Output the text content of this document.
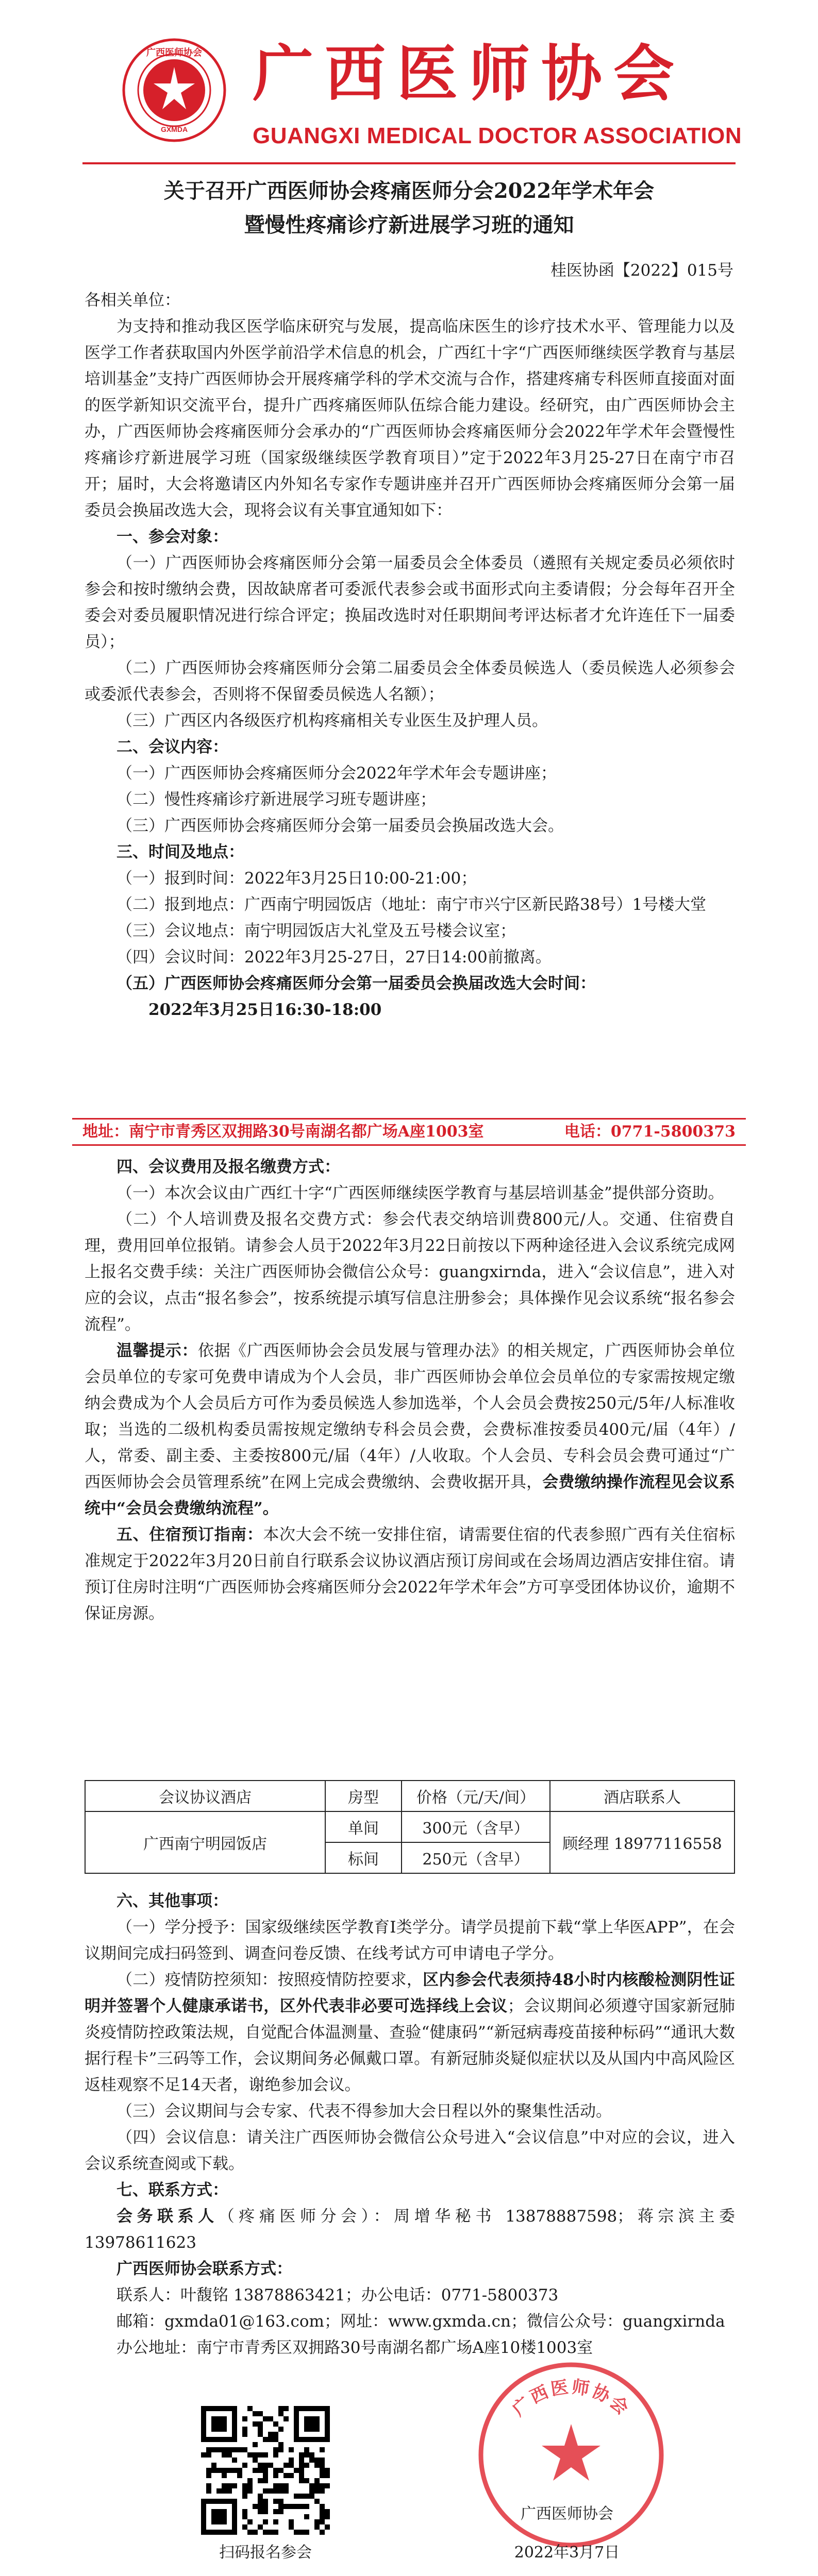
GXMDA
广西医师协会 广西医师协会
GUANGXI MEDICAL DOCTOR ASSOCIATION
关于召开广西医师协会疼痛医师分会2022年学术年会
暨慢性疼痛诊疗新进展学习班的通知
桂医协函【2022】015号

各相关单位：

为支持和推动我区医学临床研究与发展，提高临床医生的诊疗技术水平、管理能力以及医学工作者获取国内外医学前沿学术信息的机会，广西红十字“广西医师继续医学教育与基层培训基金”支持广西医师协会开展疼痛学科的学术交流与合作，搭建疼痛专科医师直接面对面的医学新知识交流平台，提升广西疼痛医师队伍综合能力建设。经研究，由广西医师协会主办，广西医师协会疼痛医师分会承办的“广西医师协会疼痛医师分会2022年学术年会暨慢性疼痛诊疗新进展学习班（国家级继续医学教育项目）”定于2022年3月25-27日在南宁市召开；届时，大会将邀请区内外知名专家作专题讲座并召开广西医师协会疼痛医师分会第一届委员会换届改选大会，现将会议有关事宜通知如下：

一、参会对象：

（一）广西医师协会疼痛医师分会第一届委员会全体委员（遴照有关规定委员必须依时参会和按时缴纳会费，因故缺席者可委派代表参会或书面形式向主委请假；分会每年召开全委会对委员履职情况进行综合评定；换届改选时对任职期间考评达标者才允许连任下一届委员）；

（二）广西医师协会疼痛医师分会第二届委员会全体委员候选人（委员候选人必须参会或委派代表参会，否则将不保留委员候选人名额）；

（三）广西区内各级医疗机构疼痛相关专业医生及护理人员。

二、会议内容：

（一）广西医师协会疼痛医师分会2022年学术年会专题讲座；

（二）慢性疼痛诊疗新进展学习班专题讲座；

（三）广西医师协会疼痛医师分会第一届委员会换届改选大会。

三、时间及地点：

（一）报到时间：2022年3月25日10:00-21:00；

（二）报到地点：广西南宁明园饭店（地址：南宁市兴宁区新民路38号）1号楼大堂

（三）会议地点：南宁明园饭店大礼堂及五号楼会议室；

（四）会议时间：2022年3月25-27日，27日14:00前撤离。

（五）广西医师协会疼痛医师分会第一届委员会换届改选大会时间：

2022年3月25日16:30-18:00

地址：南宁市青秀区双拥路30号南湖名都广场A座1003室	电话：0771-5800373

四、会议费用及报名缴费方式：

（一）本次会议由广西红十字“广西医师继续医学教育与基层培训基金”提供部分资助。

（二）个人培训费及报名交费方式：参会代表交纳培训费800元/人。交通、住宿费自理，费用回单位报销。请参会人员于2022年3月22日前按以下两种途径进入会议系统完成网上报名交费手续：关注广西医师协会微信公众号：guangxirnda，进入“会议信息”，进入对应的会议，点击“报名参会”，按系统提示填写信息注册参会；具体操作见会议系统“报名参会流程”。

温馨提示：依据《广西医师协会会员发展与管理办法》的相关规定，广西医师协会单位会员单位的专家可免费申请成为个人会员，非广西医师协会单位会员单位的专家需按规定缴纳会费成为个人会员后方可作为委员候选人参加选举，个人会员会费按250元/5年/人标准收取；当选的二级机构委员需按规定缴纳专科会员会费，会费标准按委员400元/届（4年）/人，常委、副主委、主委按800元/届（4年）/人收取。个人会员、专科会员会费可通过“广西医师协会会员管理系统”在网上完成会费缴纳、会费收据开具，会费缴纳操作流程见会议系统中“会员会费缴纳流程”。

五、住宿预订指南：本次大会不统一安排住宿，请需要住宿的代表参照广西有关住宿标准规定于2022年3月20日前自行联系会议协议酒店预订房间或在会场周边酒店安排住宿。请预订住房时注明“广西医师协会疼痛医师分会2022年学术年会”方可享受团体协议价，逾期不保证房源。

会议协议酒店	房型	价格（元/天/间）	酒店联系人
广西南宁明园饭店	单间	300元（含早）	顾经理 18977116558
	标间	250元（含早）	

六、其他事项：

（一）学分授予：国家级继续医学教育I类学分。请学员提前下载“掌上华医APP”，在会议期间完成扫码签到、调查问卷反馈、在线考试方可申请电子学分。

（二）疫情防控须知：按照疫情防控要求，区内参会代表须持48小时内核酸检测阴性证明并签署个人健康承诺书，区外代表非必要可选择线上会议；会议期间必须遵守国家新冠肺炎疫情防控政策法规，自觉配合体温测量、查验“健康码”“新冠病毒疫苗接种标码”“通讯大数据行程卡”三码等工作，会议期间务必佩戴口罩。有新冠肺炎疑似症状以及从国内中高风险区返桂观察不足14天者，谢绝参加会议。

（三）会议期间与会专家、代表不得参加大会日程以外的聚集性活动。

（四）会议信息：请关注广西医师协会微信公众号进入“会议信息”中对应的会议，进入会议系统查阅或下载。

七、联系方式：

会务联系人（疼痛医师分会）：周增华秘书 13878887598；蒋宗滨主委 13978611623

广西医师协会联系方式：

联系人：叶馥铭 13878863421；办公电话：0771-5800373

邮箱：gxmda01@163.com；网址：www.gxmda.cn；微信公众号：guangxirnda

办公地址：南宁市青秀区双拥路30号南湖名都广场A座10楼1003室

扫码报名参会
广西医师协会
广西医师协会
2022年3月7日
